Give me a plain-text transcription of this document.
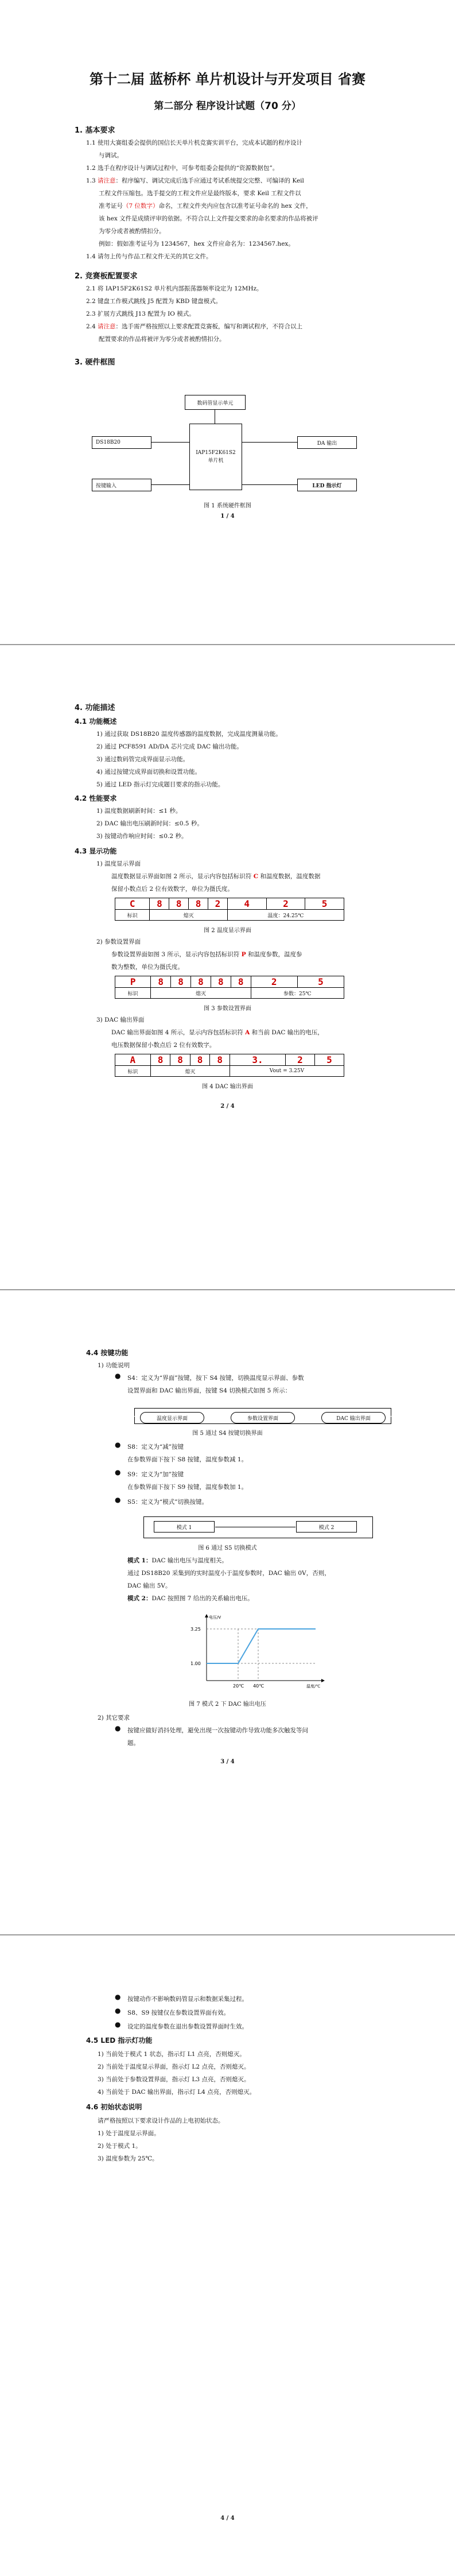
第十二届 蓝桥杯 单片机设计与开发项目 省赛
第二部分 程序设计试题（70 分）
1. 基本要求
1.1 使用大赛组委会提供的国信长天单片机竞赛实训平台，完成本试题的程序设计
与调试。
1.2 选手在程序设计与调试过程中，可参考组委会提供的“资源数据包”。
1.3 请注意：程序编写、调试完成后选手应通过考试系统提交完整、可编译的 Keil
工程文件压缩包。选手提交的工程文件应是最终版本，要求 Keil 工程文件以
准考证号（7 位数字）命名，工程文件夹内应包含以准考证号命名的 hex 文件，
该 hex 文件是成绩评审的依据。不符合以上文件提交要求的命名要求的作品将被评
为零分或者被酌情扣分。
例如：假如准考证号为 1234567，hex 文件应命名为：1234567.hex。
1.4 请勿上传与作品工程文件无关的其它文件。
2. 竞赛板配置要求
2.1 将 IAP15F2K61S2 单片机内部振荡器频率设定为 12MHz。
2.2 键盘工作模式跳线 J5 配置为 KBD 键盘模式。
2.3 扩展方式跳线 J13 配置为 IO 模式。
2.4 请注意：选手需严格按照以上要求配置竞赛板，编写和调试程序，不符合以上
配置要求的作品将被评为零分或者被酌情扣分。
3. 硬件框图
数码管显示单元
DS18B20
IAP15F2K61S2
单片机
DA 输出
按键输入	LED 指示灯
图 1 系统硬件框图
1 / 4
4. 功能描述
4.1 功能概述
1) 通过获取 DS18B20 温度传感器的温度数据，完成温度测量功能。
2) 通过 PCF8591 AD/DA 芯片完成 DAC 输出功能。
3) 通过数码管完成界面显示功能。
4) 通过按键完成界面切换和设置功能。
5) 通过 LED 指示灯完成题目要求的指示功能。
4.2 性能要求
1) 温度数据刷新时间：≤1 秒。
2) DAC 输出电压刷新时间：≤0.5 秒。
3) 按键动作响应时间：≤0.2 秒。
4.3 显示功能
1) 温度显示界面
温度数据显示界面如图 2 所示，显示内容包括标识符 C 和温度数据，温度数据
保留小数点后 2 位有效数字，单位为摄氏度。
C	8	8	8	2	4	2	5
标识	熄灭				温度：24.25℃		
图 2 温度显示界面
2) 参数设置界面
参数设置界面如图 3 所示，显示内容包括标识符 P 和温度参数，温度参
数为整数，单位为摄氏度。
P	8	8	8	8	8	2	5
标识	熄灭					参数：25℃	
图 3 参数设置界面
3) DAC 输出界面
DAC 输出界面如图 4 所示，显示内容包括标识符 A 和当前 DAC 输出的电压，
电压数据保留小数点后 2 位有效数字。
A	8	8	8	8	3.	2	5
标识	熄灭				Vout = 3.25V		
图 4 DAC 输出界面
2 / 4
4.4 按键功能
1) 功能说明
● S4：定义为“界面”按键，按下 S4 按键，切换温度显示界面、参数
设置界面和 DAC 输出界面，按键 S4 切换模式如图 5 所示：
温度显示界面	参数设置界面	DAC 输出界面
图 5 通过 S4 按键切换界面
● S8：定义为“减”按键
在参数界面下按下 S8 按键，温度参数减 1。
● S9：定义为“加”按键
在参数界面下按下 S9 按键，温度参数加 1。
● S5：定义为“模式”切换按键。
模式 1	模式 2
图 6 通过 S5 切换模式
模式 1：DAC 输出电压与温度相关。
通过 DS18B20 采集到的实时温度小于温度参数时，DAC 输出 0V，否则，
DAC 输出 5V。
模式 2：DAC 按照图 7 给出的关系输出电压。
3.25
1.00
20℃ 40℃	温度/℃
电压/V
图 7 模式 2 下 DAC 输出电压
2) 其它要求
● 按键应做好消抖处理，避免出现一次按键动作导致功能多次触发等问
题。
3 / 4
● 按键动作不影响数码管显示和数据采集过程。
● S8、S9 按键仅在参数设置界面有效。
● 设定的温度参数在退出参数设置界面时生效。
4.5 LED 指示灯功能
1) 当前处于模式 1 状态，指示灯 L1 点亮，否则熄灭。
2) 当前处于温度显示界面，指示灯 L2 点亮，否则熄灭。
3) 当前处于参数设置界面，指示灯 L3 点亮，否则熄灭。
4) 当前处于 DAC 输出界面，指示灯 L4 点亮，否则熄灭。
4.6 初始状态说明
请严格按照以下要求设计作品的上电初始状态。
1) 处于温度显示界面。
2) 处于模式 1。
3) 温度参数为 25℃。
4 / 4
